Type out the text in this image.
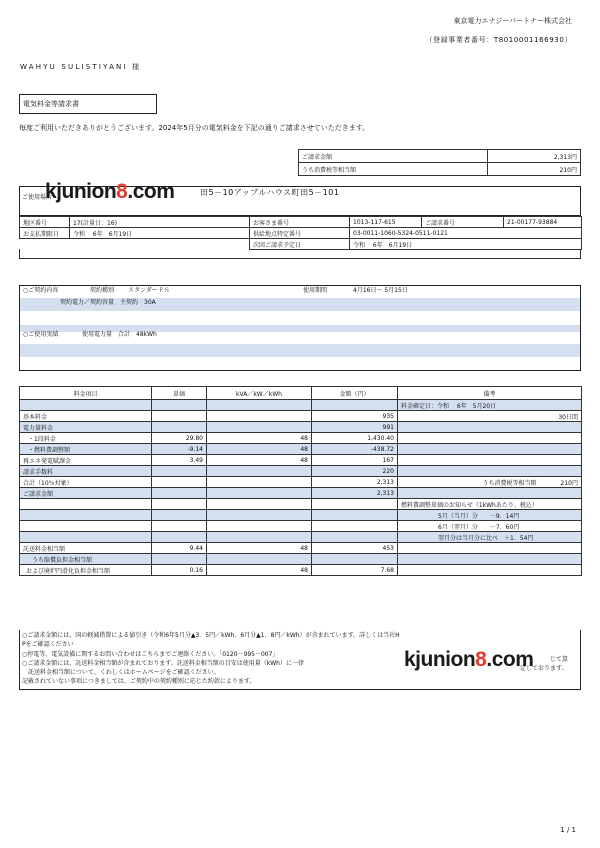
東京電力エナジーパートナー株式会社
（登録事業者番号：T8010001166930）
WAHYU SULISTIYANI 様
電気料金等請求書
毎度ご利用いただきありがとうございます。2024年5月分の電気料金を下記の通りご請求させていただきます。
ご請求金額	2,313円
うち消費税等相当額	210円
ご使用場所
田5－10アップルハウス町田5－101
地区番号	17(計量日：16)	お客さま番号	1013-117-615	ご請求番号	21-00177-93884
お支払期限日	令和　 6年　6月19日	供給地点特定番号	03-0011-1060-5324-0511-0121		
		次回ご請求予定日	令和　 6年　6月19日		
○ご契約内容	契約種別 スタンダードＳ	使用期間	4月16日～ 5月15日
契約電力／契約容量　主契約　30A
○ご使用実績	使用電力量　合計　48kWh
料金項目	単価	kVA／kW／kWh	金額（円）	備考
				料金確定日：令和　 6年　5月20日
基本料金			935	30日間
電力量料金			991	
・1段料金	29.80	48	1,430.40	
・燃料費調整額	-9.14	48	-438.72	
再エネ発電賦課金	3.49	48	167	
請求手数料			220	
合計（10％対象）			2,313	うち消費税等相当額　　　　210円
ご請求金額			2,313	
				燃料費調整単価のお知らせ（1kWhあたり、税込）
				5月（当月）分　　－9．14円
				6月（翌月）分　　－7．60円
				翌月分は当月分に比べ　＋1．54円
託送料金相当額	9.44	48	453	
うち賠償負担金相当額				
および廃炉円滑化負担金相当額	0.16	48	7.68	
○ご請求金額には、国の軽減措置による値引き（令和6年5月分▲3．5円／kWh、6月分▲1．8円／kWh）が含まれています。詳しくは当社H
Pをご確認ください
○停電等、電気設備に関するお問い合わせはこちらまでご連絡ください。「0120－995－007」
○ご請求金額には、託送料金相当額が含まれております。託送料金相当額の目安は使用量（kWh）に一律
　託送料金相当額について、くわしくはホームページをご確認ください。
記載されていない事項につきましては、ご契約中の契約種別に応じた約款によります。
じて算
定しております。
kjunion8.com
kjunion8.com
1 / 1
